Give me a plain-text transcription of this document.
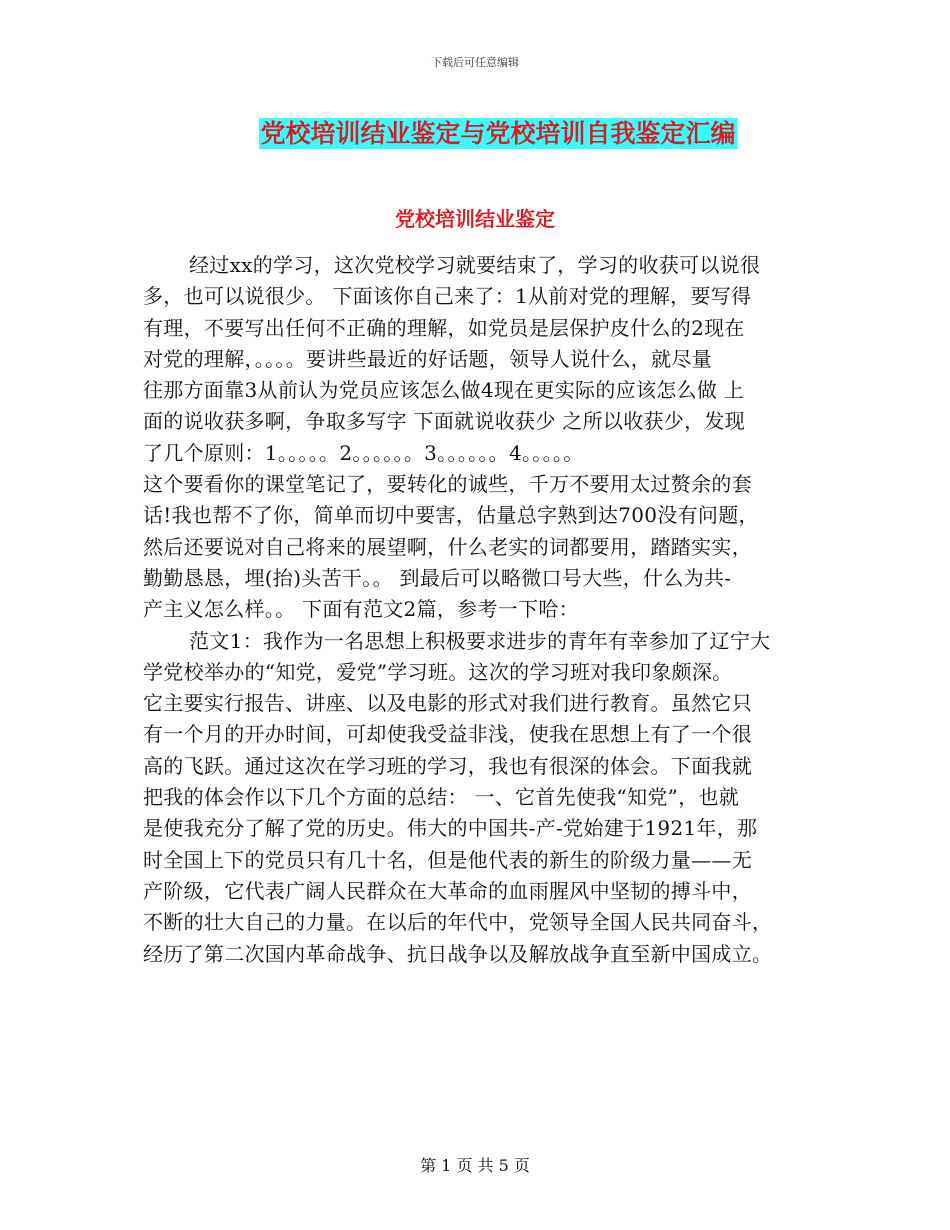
下载后可任意编辑
党校培训结业鉴定与党校培训自我鉴定汇编
党校培训结业鉴定
经过xx的学习，这次党校学习就要结束了，学习的收获可以说很
多，也可以说很少。 下面该你自己来了：1从前对党的理解，要写得
有理，不要写出任何不正确的理解，如党员是层保护皮什么的2现在
对党的理解，。。。。要讲些最近的好话题，领导人说什么，就尽量
往那方面靠3从前认为党员应该怎么做4现在更实际的应该怎么做 上
面的说收获多啊，争取多写字 下面就说收获少 之所以收获少，发现
了几个原则：1。。。。。2。。。。。。3。。。。。。4。。。。。
这个要看你的课堂笔记了，要转化的诚些，千万不要用太过赘余的套
话!我也帮不了你，简单而切中要害，估量总字熟到达700没有问题，
然后还要说对自己将来的展望啊，什么老实的词都要用，踏踏实实，
勤勤恳恳，埋(抬)头苦干。。 到最后可以略微口号大些，什么为共-
产主义怎么样。。 下面有范文2篇，参考一下哈：
范文1：我作为一名思想上积极要求进步的青年有幸参加了辽宁大
学党校举办的“知党，爱党”学习班。这次的学习班对我印象颇深。
它主要实行报告、讲座、以及电影的形式对我们进行教育。虽然它只
有一个月的开办时间，可却使我受益非浅，使我在思想上有了一个很
高的飞跃。通过这次在学习班的学习，我也有很深的体会。下面我就
把我的体会作以下几个方面的总结： 一、它首先使我“知党”，也就
是使我充分了解了党的历史。伟大的中国共-产-党始建于1921年，那
时全国上下的党员只有几十名，但是他代表的新生的阶级力量——无
产阶级，它代表广阔人民群众在大革命的血雨腥风中坚韧的搏斗中，
不断的壮大自己的力量。在以后的年代中，党领导全国人民共同奋斗，
经历了第二次国内革命战争、抗日战争以及解放战争直至新中国成立。
第 1 页 共 5 页
